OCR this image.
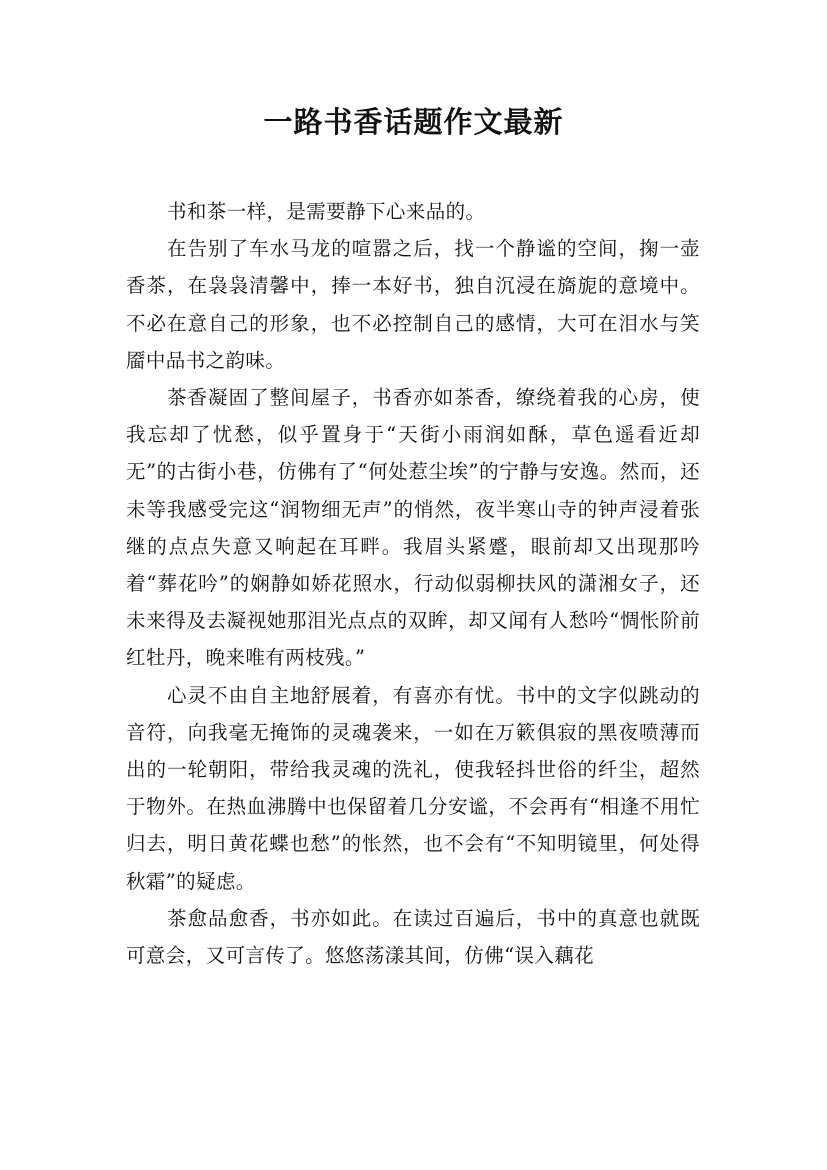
一路书香话题作文最新

书和茶一样，是需要静下心来品的。

在告别了车水马龙的喧嚣之后，找一个静谧的空间，掬一壶香茶，在袅袅清馨中，捧一本好书，独自沉浸在旖旎的意境中。不必在意自己的形象，也不必控制自己的感情，大可在泪水与笑靥中品书之韵味。

茶香凝固了整间屋子，书香亦如茶香，缭绕着我的心房，使我忘却了忧愁，似乎置身于“天街小雨润如酥，草色遥看近却无”的古街小巷，仿佛有了“何处惹尘埃”的宁静与安逸。然而，还未等我感受完这“润物细无声”的悄然，夜半寒山寺的钟声浸着张继的点点失意又响起在耳畔。我眉头紧蹙，眼前却又出现那吟着“葬花吟”的娴静如娇花照水，行动似弱柳扶风的潇湘女子，还未来得及去凝视她那泪光点点的双眸，却又闻有人愁吟“惆怅阶前红牡丹，晚来唯有两枝残。”

心灵不由自主地舒展着，有喜亦有忧。书中的文字似跳动的音符，向我毫无掩饰的灵魂袭来，一如在万簌俱寂的黑夜喷薄而出的一轮朝阳，带给我灵魂的洗礼，使我轻抖世俗的纤尘，超然于物外。在热血沸腾中也保留着几分安谧，不会再有“相逢不用忙归去，明日黄花蝶也愁”的怅然，也不会有“不知明镜里，何处得秋霜”的疑虑。

茶愈品愈香，书亦如此。在读过百遍后，书中的真意也就既可意会，又可言传了。悠悠荡漾其间，仿佛“误入藕花
